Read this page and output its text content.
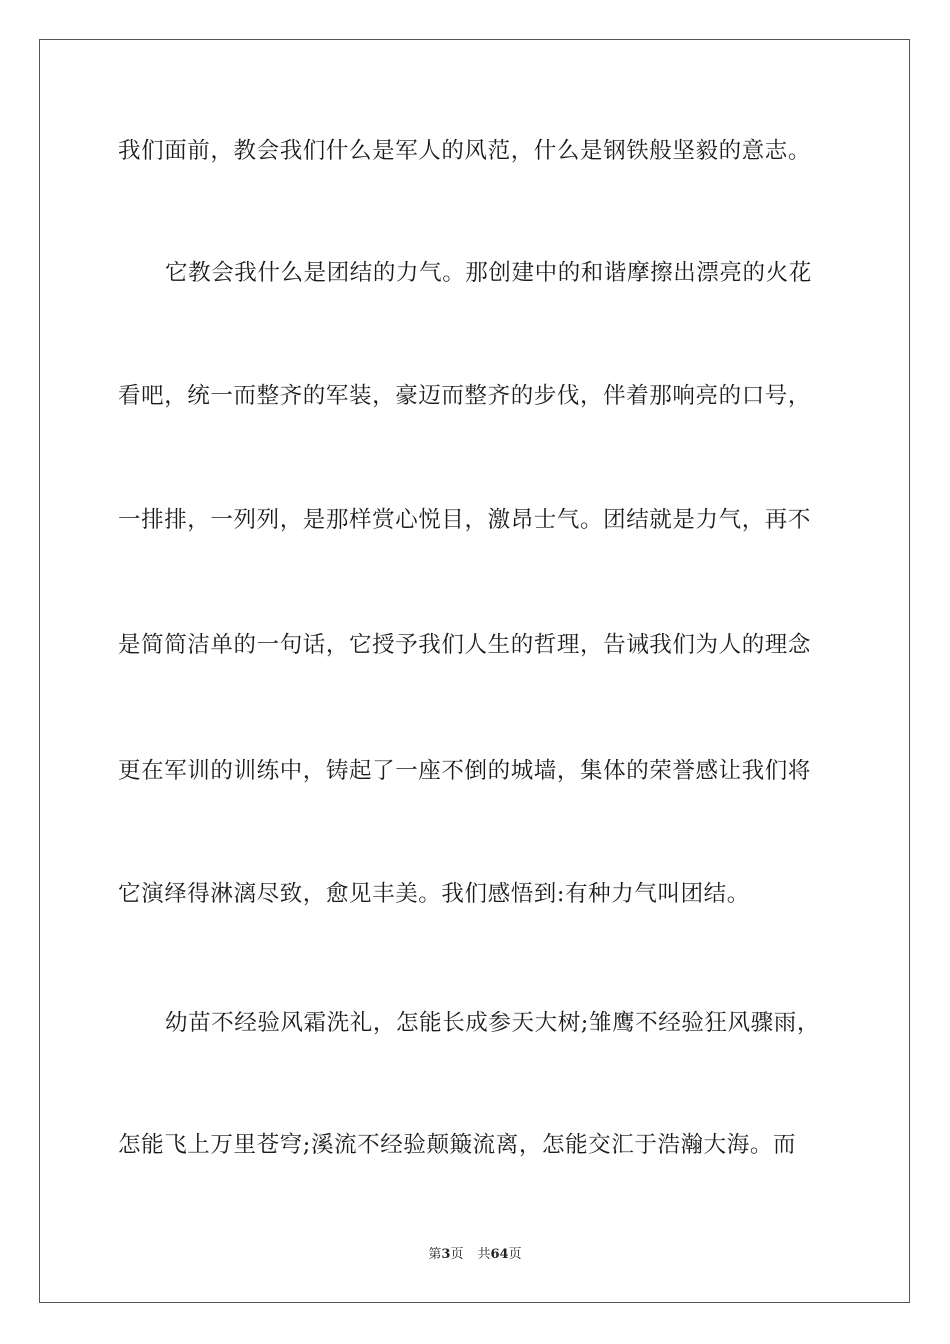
我们面前，教会我们什么是军人的风范，什么是钢铁般坚毅的意志。
它教会我什么是团结的力气。那创建中的和谐摩擦出漂亮的火花
看吧，统一而整齐的军装，豪迈而整齐的步伐，伴着那响亮的口号，
一排排，一列列，是那样赏心悦目，激昂士气。团结就是力气，再不
是简简洁单的一句话，它授予我们人生的哲理，告诫我们为人的理念
更在军训的训练中，铸起了一座不倒的城墙，集体的荣誉感让我们将
它演绎得淋漓尽致，愈见丰美。我们感悟到:有种力气叫团结。
幼苗不经验风霜洗礼，怎能长成参天大树;雏鹰不经验狂风骤雨，
怎能飞上万里苍穹;溪流不经验颠簸流离，怎能交汇于浩瀚大海。而
第3页 共64页
